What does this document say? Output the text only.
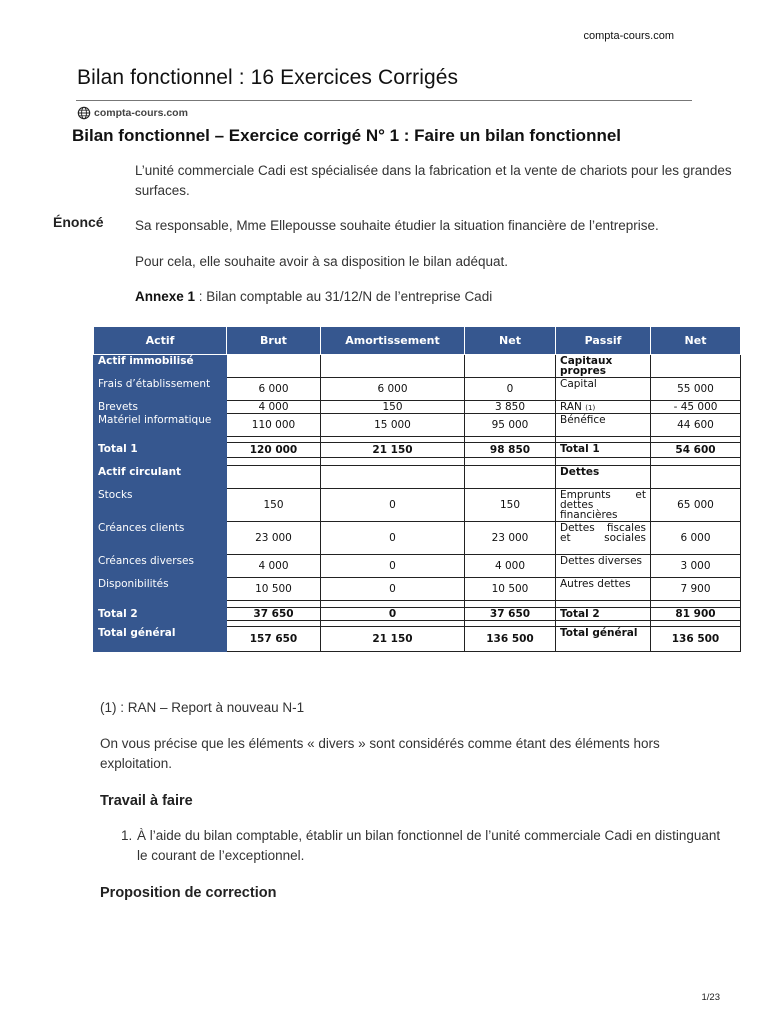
compta-cours.com
Bilan fonctionnel : 16 Exercices Corrigés
compta-cours.com
Bilan fonctionnel – Exercice corrigé N° 1 : Faire un bilan fonctionnel
Énoncé
L’unité commerciale Cadi est spécialisée dans la fabrication et la vente de chariots pour les grandes surfaces.
Sa responsable, Mme Ellepousse souhaite étudier la situation financière de l’entreprise.
Pour cela, elle souhaite avoir à sa disposition le bilan adéquat.
Annexe 1 : Bilan comptable au 31/12/N de l’entreprise Cadi
Actif	Brut	Amortissement	Net	Passif	Net
Actif immobilisé				Capitaux propres	
Frais d’établissement	6 000	6 000	0	Capital	55 000
Brevets	4 000	150	3 850	RAN (1)	- 45 000
Matériel informatique	110 000	15 000	95 000	Bénéfice	44 600

Total 1	120 000	21 150	98 850	Total 1	54 600

Actif circulant				Dettes	
Stocks	150	0	150	Emprunts et dettes financières	65 000
Créances clients	23 000	0	23 000	Dettes fiscales et sociales	6 000
Créances diverses	4 000	0	4 000	Dettes diverses	3 000
Disponibilités	10 500	0	10 500	Autres dettes	7 900

Total 2	37 650	0	37 650	Total 2	81 900

Total général	157 650	21 150	136 500	Total général	136 500
(1) : RAN – Report à nouveau N-1
On vous précise que les éléments « divers » sont considérés comme étant des éléments hors exploitation.
Travail à faire
1. À l’aide du bilan comptable, établir un bilan fonctionnel de l’unité commerciale Cadi en distinguant le courant de l’exceptionnel.
Proposition de correction
1/23
